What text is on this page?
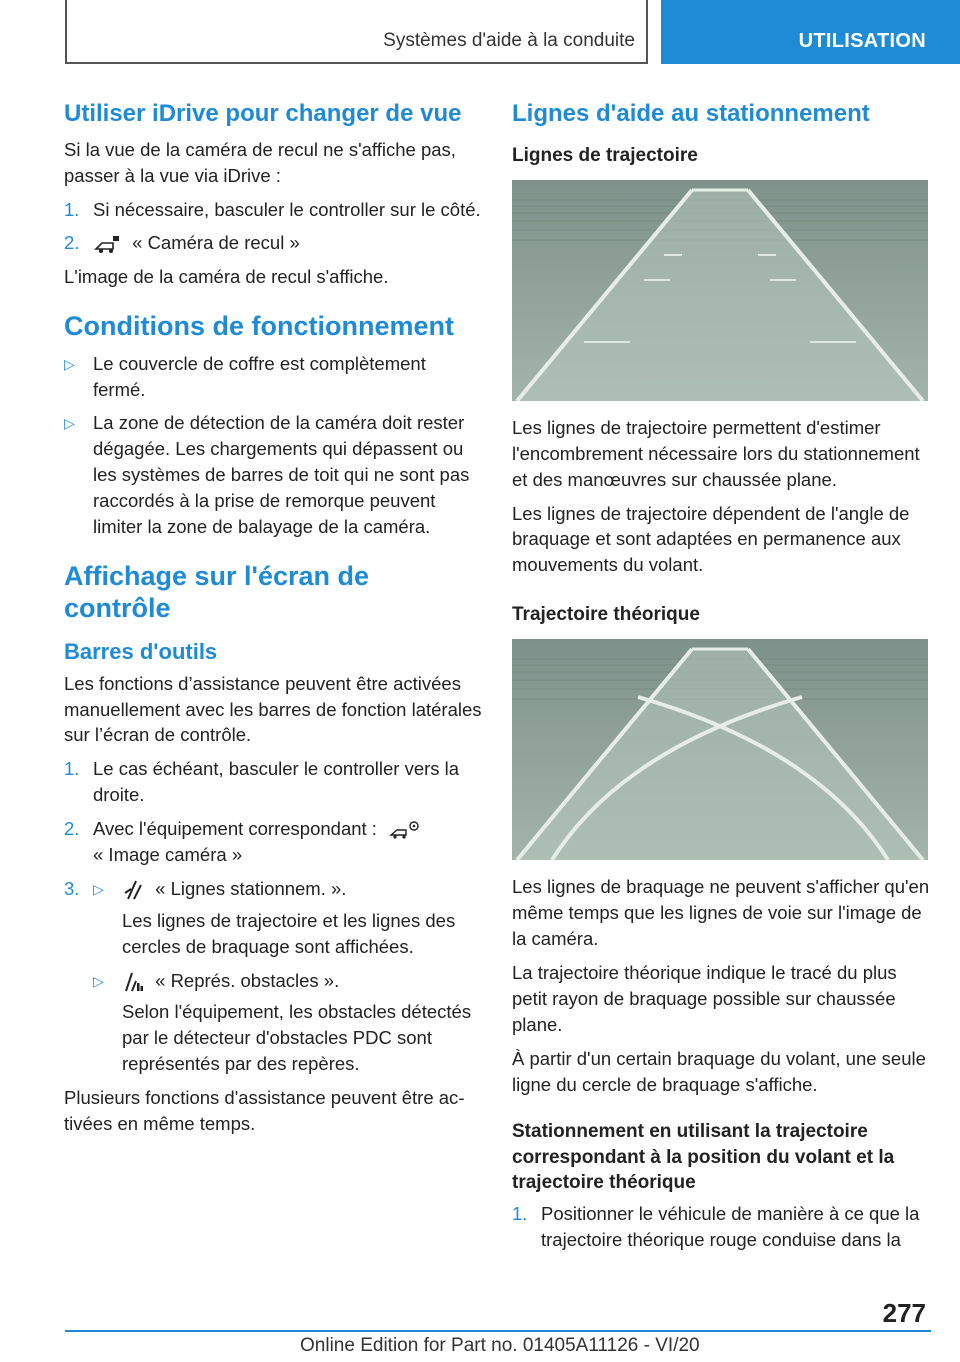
Systèmes d'aide à la conduite	UTILISATION
Utiliser iDrive pour changer de vue

Si la vue de la caméra de recul ne s'affiche pas, passer à la vue via iDrive :

1. Si nécessaire, basculer le controller sur le côté.
2.	« Caméra de recul »

L'image de la caméra de recul s'affiche.

Conditions de fonctionnement
▷ Le couvercle de coffre est complètement fermé.
▷ La zone de détection de la caméra doit rester dégagée. Les chargements qui dépassent ou les systèmes de barres de toit qui ne sont pas raccordés à la prise de remorque peuvent limiter la zone de balayage de la caméra.
Affichage sur l'écran de contrôle
Barres d'outils

Les fonctions d’assistance peuvent être activées manuellement avec les barres de fonction latérales sur l’écran de contrôle.

1. Le cas échéant, basculer le controller vers la droite.
2. Avec l'équipement correspondant :
« Image caméra »
3. ▷	« Lignes stationnem. ».
Les lignes de trajectoire et les lignes des cercles de braquage sont affichées.
▷	« Représ. obstacles ».
Selon l'équipement, les obstacles détectés par le détecteur d'obstacles PDC sont représentés par des repères.

Plusieurs fonctions d'assistance peuvent être activées en même temps.

Lignes d'aide au stationnement
Lignes de trajectoire

Les lignes de trajectoire permettent d'estimer l'encombrement nécessaire lors du stationnement et des manœuvres sur chaussée plane.

Les lignes de trajectoire dépendent de l'angle de braquage et sont adaptées en permanence aux mouvements du volant.

Trajectoire théorique

Les lignes de braquage ne peuvent s'afficher qu'en même temps que les lignes de voie sur l'image de la caméra.

La trajectoire théorique indique le tracé du plus petit rayon de braquage possible sur chaussée plane.

À partir d'un certain braquage du volant, une seule ligne du cercle de braquage s'affiche.

Stationnement en utilisant la trajectoire correspondant à la position du volant et la trajectoire théorique
1. Positionner le véhicule de manière à ce que la trajectoire théorique rouge conduise dans la
277
Online Edition for Part no. 01405A11126 - VI/20
